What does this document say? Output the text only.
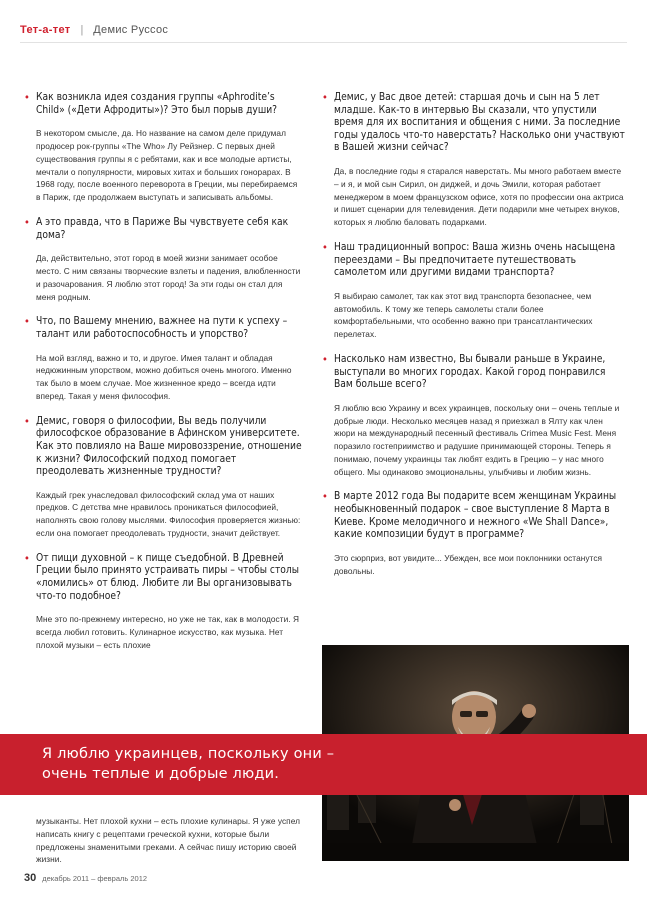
Тет-а-тет | Демис Руссос
• Как возникла идея создания группы «Aphrodite’s Child» («Дети Афродиты»)? Это был порыв души?
В некотором смысле, да. Но название на самом деле придумал продюсер рок-группы «The Who» Лу Рейзнер. С первых дней существования группы я с ребятами, как и все молодые артисты, мечтали о популярности, мировых хитах и больших гонорарах. В 1968 году, после военного переворота в Греции, мы перебираемся в Париж, где продолжаем выступать и записывать альбомы.
• А это правда, что в Париже Вы чувствуете себя как дома?
Да, действительно, этот город в моей жизни занимает особое место. С ним связаны творческие взлеты и падения, влюбленности и разочарования. Я люблю этот город! За эти годы он стал для меня родным.
• Что, по Вашему мнению, важнее на пути к успеху – талант или работоспособность и упорство?
На мой взгляд, важно и то, и другое. Имея талант и обладая недюжинным упорством, можно добиться очень многого. Именно так было в моем случае. Мое жизненное кредо – всегда идти вперед. Такая у меня философия.
• Демис, говоря о философии, Вы ведь получили философское образование в Афинском университете. Как это повлияло на Ваше мировоззрение, отношение к жизни? Философский подход помогает преодолевать жизненные трудности?
Каждый грек унаследовал философский склад ума от наших предков. С детства мне нравилось проникаться философией, наполнять свою голову мыслями. Философия проверяется жизнью: если она помогает преодолевать трудности, значит действует.
• От пищи духовной – к пище съедобной. В Древней Греции было принято устраивать пиры – чтобы столы «ломились» от блюд. Любите ли Вы организовывать что-то подобное?
Мне это по-прежнему интересно, но уже не так, как в молодости. Я всегда любил готовить. Кулинарное искусство, как музыка. Нет плохой музыки – есть плохие
• Демис, у Вас двое детей: старшая дочь и сын на 5 лет младше. Как-то в интервью Вы сказали, что упустили время для их воспитания и общения с ними. За последние годы удалось что-то наверстать? Насколько они участвуют в Вашей жизни сейчас?
Да, в последние годы я старался наверстать. Мы много работаем вместе – и я, и мой сын Сирил, он диджей, и дочь Эмили, которая работает менеджером в моем французском офисе, хотя по профессии она актриса и пишет сценарии для телевидения. Дети подарили мне четырех внуков, которых я люблю баловать подарками.
• Наш традиционный вопрос: Ваша жизнь очень насыщена переездами – Вы предпочитаете путешествовать самолетом или другими видами транспорта?
Я выбираю самолет, так как этот вид транспорта безопаснее, чем автомобиль. К тому же теперь самолеты стали более комфортабельными, что особенно важно при трансатлантических перелетах.
• Насколько нам известно, Вы бывали раньше в Украине, выступали во многих городах. Какой город понравился Вам больше всего?
Я люблю всю Украину и всех украинцев, поскольку они – очень теплые и добрые люди. Несколько месяцев назад я приезжал в Ялту как член жюри на международный песенный фестиваль Crimea Music Fest. Меня поразило гостеприимство и радушие принимающей стороны. Теперь я понимаю, почему украинцы так любят ездить в Грецию – у нас много общего. Мы одинаково эмоциональны, улыбчивы и любим жизнь.
• В марте 2012 года Вы подарите всем женщинам Украины необыкновенный подарок – свое выступление 8 Марта в Киеве. Кроме мелодичного и нежного «We Shall Dance», какие композиции будут в программе?
Это сюрприз, вот увидите... Убежден, все мои поклонники останутся довольны.

Я люблю украинцев, поскольку они –

очень теплые и добрые люди.

музыканты. Нет плохой кухни – есть плохие кулинары. Я уже успел написать книгу с рецептами греческой кухни, которые были предложены знаменитыми греками. А сейчас пишу историю своей жизни.
30 декабрь 2011 – февраль 2012
